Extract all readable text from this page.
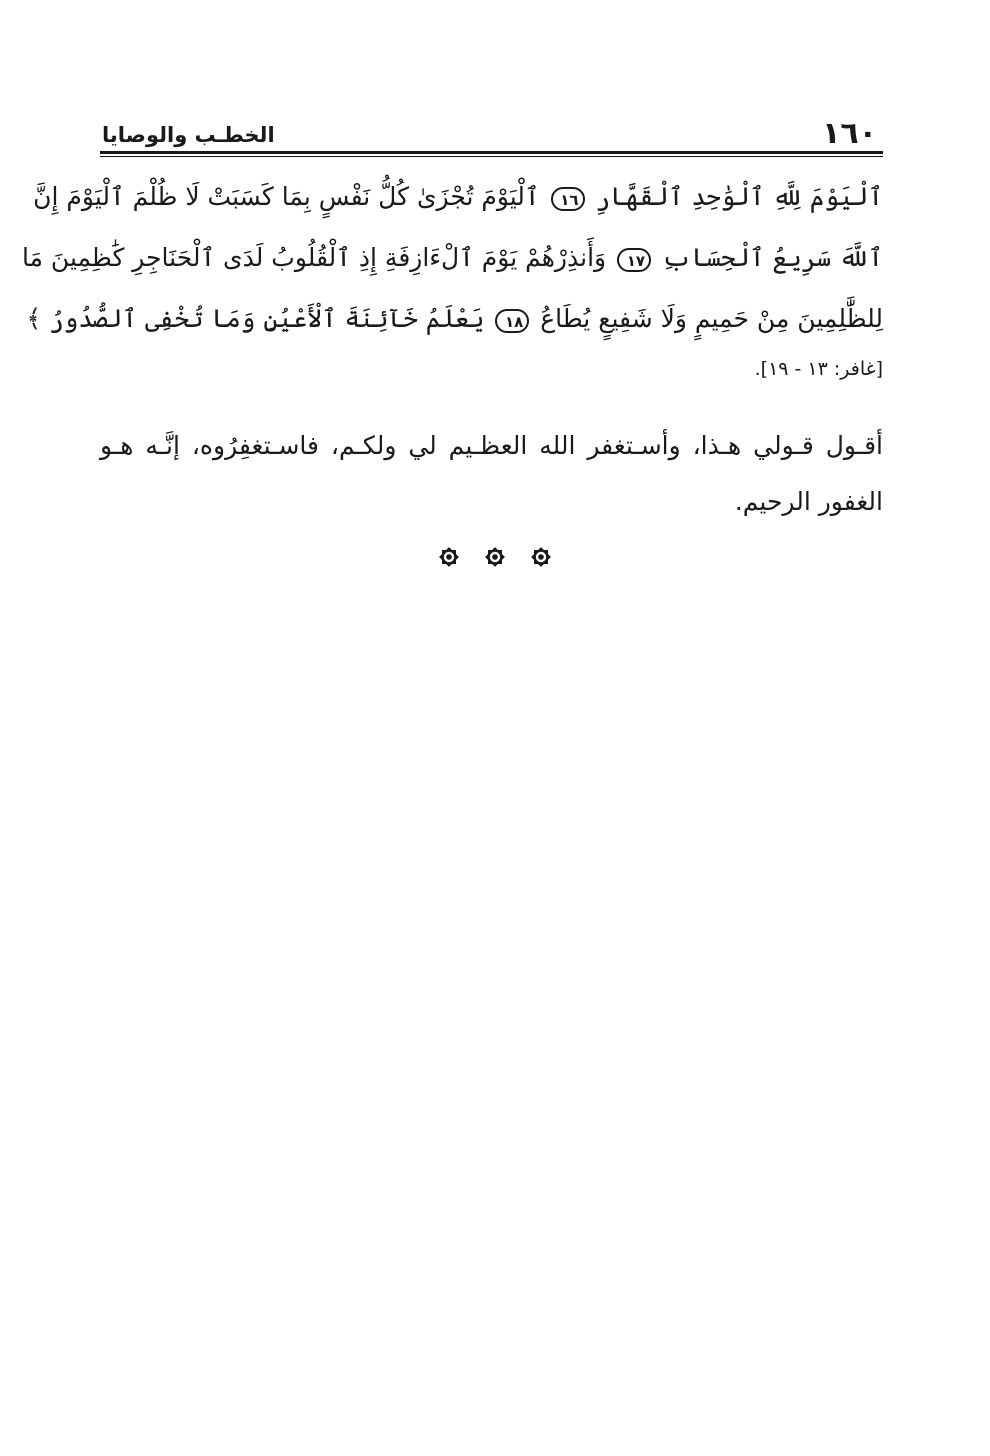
١٦٠
الخطـب والوصايا
ٱلْيَوْمَ لِلَّهِ ٱلْوَٰحِدِ ٱلْقَهَّارِ ١٦ ٱلْيَوْمَ تُجْزَىٰ كُلُّ نَفْسٍ بِمَا كَسَبَتْ لَا ظُلْمَ ٱلْيَوْمَ إِنَّ
ٱللَّهَ سَرِيعُ ٱلْحِسَابِ ١٧ وَأَنذِرْهُمْ يَوْمَ ٱلْءَازِفَةِ إِذِ ٱلْقُلُوبُ لَدَى ٱلْحَنَاجِرِ كَٰظِمِينَ مَا
لِلظَّٰلِمِينَ مِنْ حَمِيمٍ وَلَا شَفِيعٍ يُطَاعُ ١٨ يَعْلَمُ خَآئِنَةَ ٱلْأَعْيُنِ وَمَا تُخْفِى ٱلصُّدُورُ ﴾
[غافر: ١٣ - ١٩].
أقـول قـولي هـذا، وأسـتغفر الله العظـيم لي ولكـم، فاسـتغفِرُوه، إنَّـه هـو
الغفور الرحيم.
